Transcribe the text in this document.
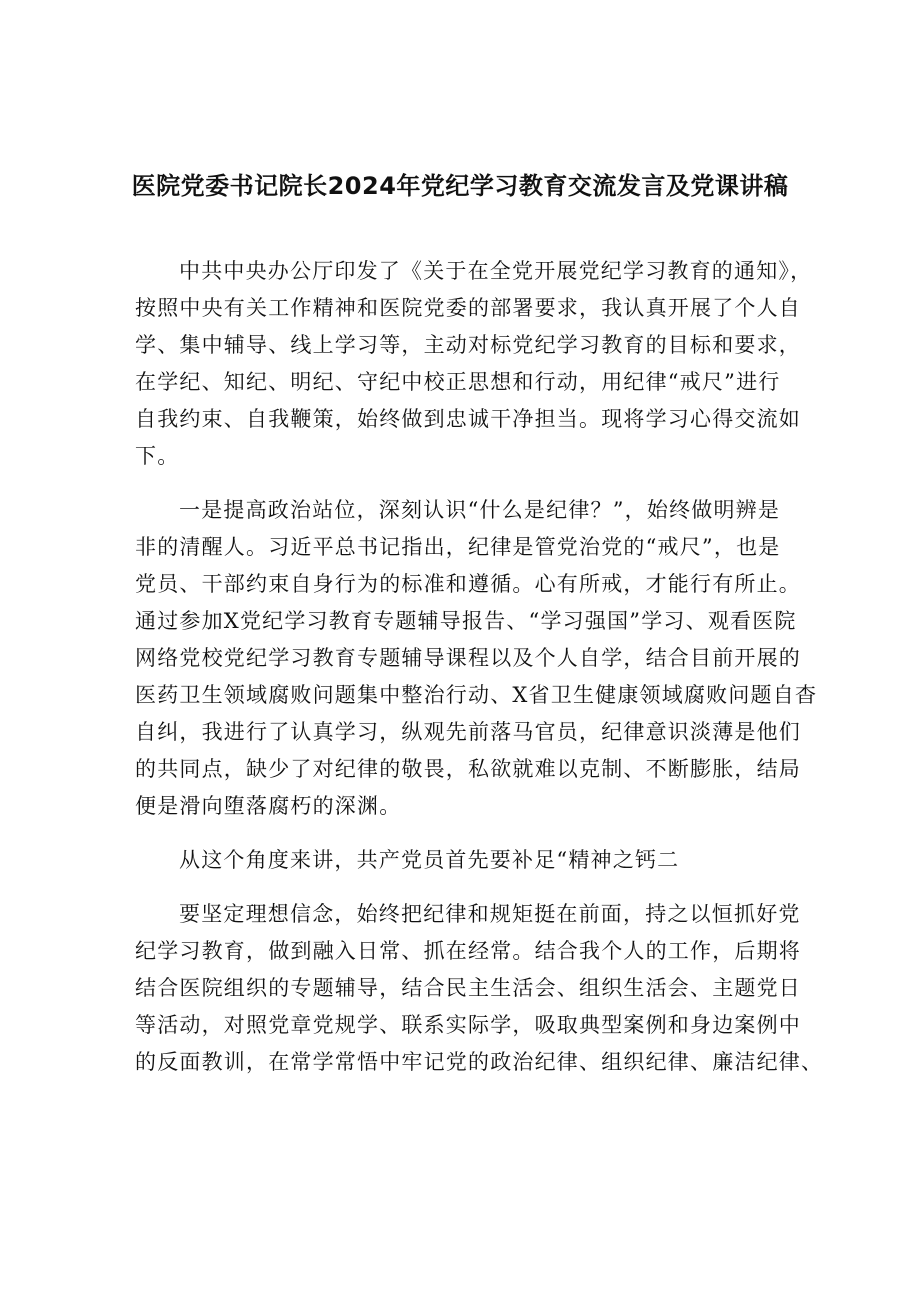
医院党委书记院长2024年党纪学习教育交流发言及党课讲稿
中共中央办公厅印发了《关于在全党开展党纪学习教育的通知》，
按照中央有关工作精神和医院党委的部署要求，我认真开展了个人自
学、集中辅导、线上学习等，主动对标党纪学习教育的目标和要求，
在学纪、知纪、明纪、守纪中校正思想和行动，用纪律“戒尺”进行
自我约束、自我鞭策，始终做到忠诚干净担当。现将学习心得交流如
下。
一是提高政治站位，深刻认识“什么是纪律？”，始终做明辨是
非的清醒人。习近平总书记指出，纪律是管党治党的“戒尺”，也是
党员、干部约束自身行为的标准和遵循。心有所戒，才能行有所止。
通过参加X党纪学习教育专题辅导报告、“学习强国”学习、观看医院
网络党校党纪学习教育专题辅导课程以及个人自学，结合目前开展的
医药卫生领域腐败问题集中整治行动、X省卫生健康领域腐败问题自杳
自纠，我进行了认真学习，纵观先前落马官员，纪律意识淡薄是他们
的共同点，缺少了对纪律的敬畏，私欲就难以克制、不断膨胀，结局
便是滑向堕落腐朽的深渊。
从这个角度来讲，共产党员首先要补足“精神之钙二
要坚定理想信念，始终把纪律和规矩挺在前面，持之以恒抓好党
纪学习教育，做到融入日常、抓在经常。结合我个人的工作，后期将
结合医院组织的专题辅导，结合民主生活会、组织生活会、主题党日
等活动，对照党章党规学、联系实际学，吸取典型案例和身边案例中
的反面教训，在常学常悟中牢记党的政治纪律、组织纪律、廉洁纪律、
